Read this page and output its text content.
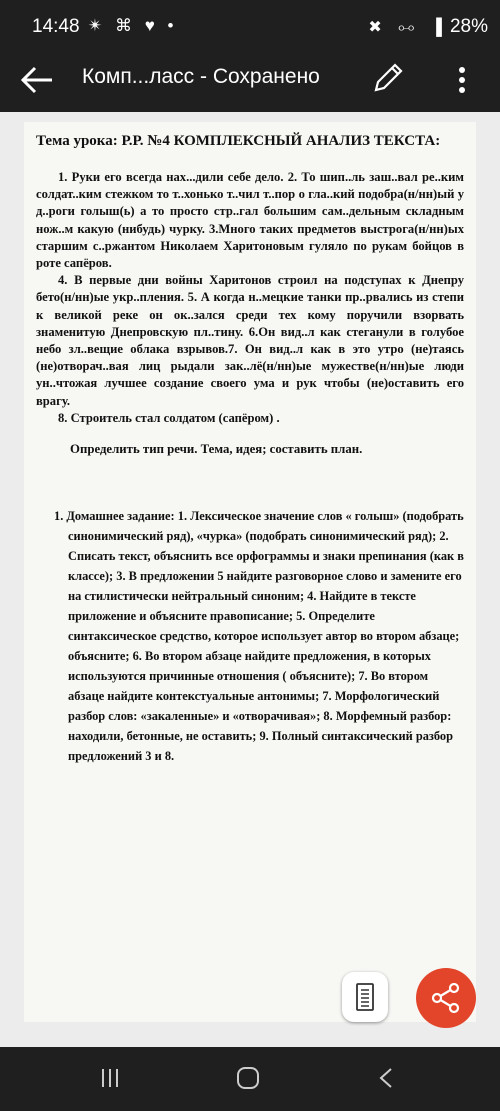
14:48 ✴ ⌘ ♥ •	✖ ⧟ ▐ 28%
Комп...ласс - Сохранено
Тема урока: Р.Р. №4 КОМПЛЕКСНЫЙ АНАЛИЗ ТЕКСТА:

1. Руки его всегда нах...дили себе дело. 2. То шип..ль заш..вал ре..ким солдат..ким стежком то т..хонько т..чил т..пор о гла..кий подобра(н/нн)ый у д..роги голыш(ь) а то просто стр..гал большим сам..дельным складным нож..м какую (нибудь) чурку. 3.Много таких предметов выстрога(н/нн)ых старшим с..ржантом Николаем Харитоновым гуляло по рукам бойцов в роте сапёров.

4. В первые дни войны Харитонов строил на подступах к Днепру бето(н/нн)ые укр..пления. 5. А когда н..мецкие танки пр..рвались из степи к великой реке он ок..зался среди тех кому поручили взорвать знаменитую Днепровскую пл..тину. 6.Он вид..л как стеганули в голубое небо зл..вещие облака взрывов.7. Он вид..л как в это утро (не)таясь (не)отворач..вая лиц рыдали зак..лё(н/нн)ые мужестве(н/нн)ые люди ун..чтожая лучшее создание своего ума и рук чтобы (не)оставить его врагу.

8. Строитель стал солдатом (сапёром) .

Определить тип речи. Тема, идея; составить план.
1. Домашнее задание: 1. Лексическое значение слов « голыш» (подобрать синонимический ряд), «чурка» (подобрать синонимический ряд); 2. Списать текст, объяснить все орфограммы и знаки препинания (как в классе); 3. В предложении 5 найдите разговорное слово и замените его на стилистически нейтральный синоним; 4. Найдите в тексте приложение и объясните правописание; 5. Определите синтаксическое средство, которое использует автор во втором абзаце; объясните; 6. Во втором абзаце найдите предложения, в которых используются причинные отношения ( объясните); 7. Во втором абзаце найдите контекстуальные антонимы; 7. Морфологический разбор слов: «закаленные» и «отворачивая»; 8. Морфемный разбор: находили, бетонные, не оставить; 9. Полный синтаксический разбор предложений 3 и 8.
